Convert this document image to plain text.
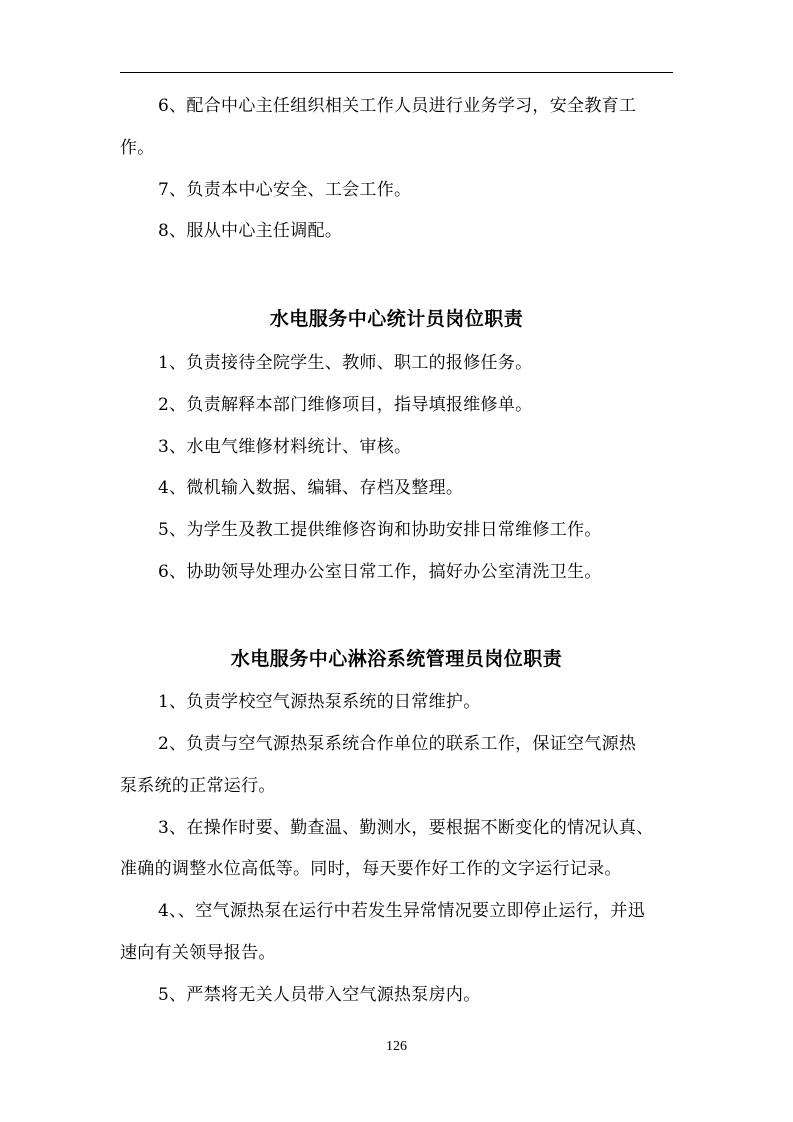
6、配合中心主任组织相关工作人员进行业务学习，安全教育工
作。
7、负责本中心安全、工会工作。
8、服从中心主任调配。
水电服务中心统计员岗位职责
1、负责接待全院学生、教师、职工的报修任务。
2、负责解释本部门维修项目，指导填报维修单。
3、水电气维修材料统计、审核。
4、微机输入数据、编辑、存档及整理。
5、为学生及教工提供维修咨询和协助安排日常维修工作。
6、协助领导处理办公室日常工作，搞好办公室清洗卫生。
水电服务中心淋浴系统管理员岗位职责
1、负责学校空气源热泵系统的日常维护。
2、负责与空气源热泵系统合作单位的联系工作，保证空气源热
泵系统的正常运行。
3、在操作时要、勤查温、勤测水，要根据不断变化的情况认真、
准确的调整水位高低等。同时，每天要作好工作的文字运行记录。
4、、空气源热泵在运行中若发生异常情况要立即停止运行，并迅
速向有关领导报告。
5、严禁将无关人员带入空气源热泵房内。
126
